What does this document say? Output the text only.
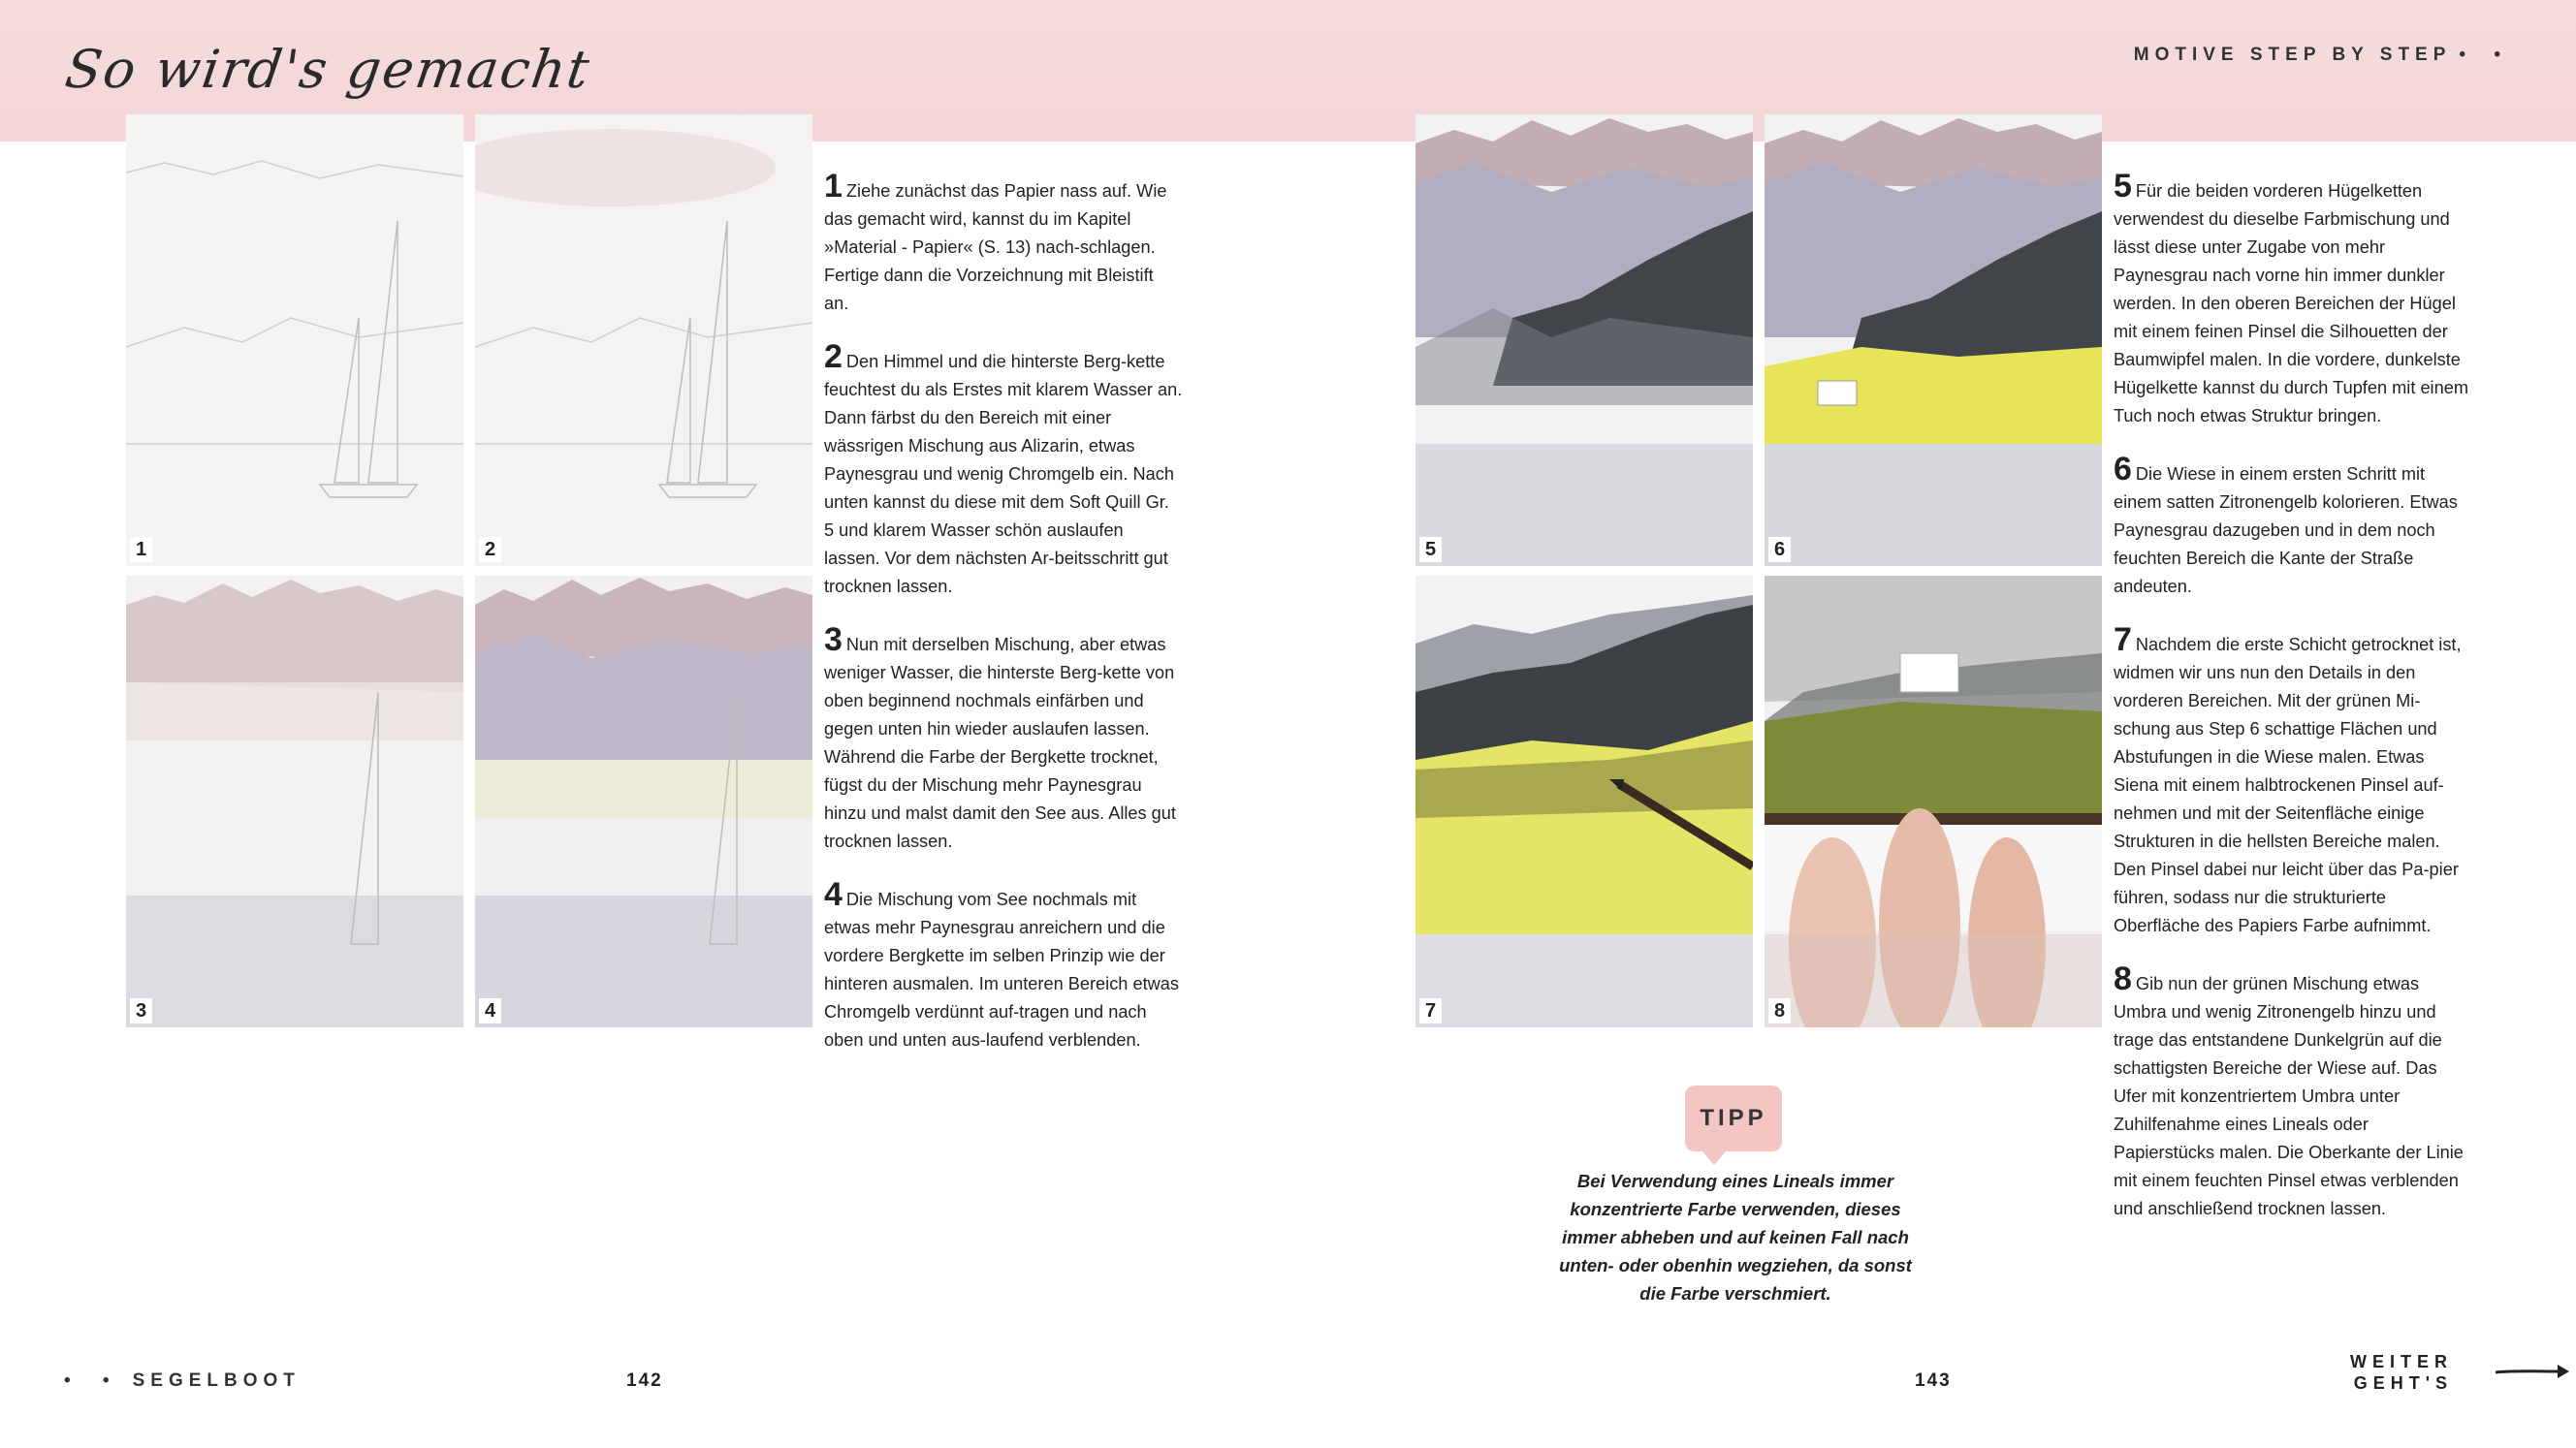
So wird's gemacht	MOTIVE STEP BY STEP • •
1	2
3	4

1 Ziehe zunächst das Papier nass auf. Wie das gemacht wird, kannst du im Kapitel »Material - Papier« (S. 13) nach-schlagen. Fertige dann die Vorzeichnung mit Bleistift an.

2 Den Himmel und die hinterste Berg-kette feuchtest du als Erstes mit klarem Wasser an. Dann färbst du den Bereich mit einer wässrigen Mischung aus Alizarin, etwas Paynesgrau und wenig Chromgelb ein. Nach unten kannst du diese mit dem Soft Quill Gr. 5 und klarem Wasser schön auslaufen lassen. Vor dem nächsten Ar-beitsschritt gut trocknen lassen.

3 Nun mit derselben Mischung, aber etwas weniger Wasser, die hinterste Berg-kette von oben beginnend nochmals einfärben und gegen unten hin wieder auslaufen lassen. Während die Farbe der Bergkette trocknet, fügst du der Mischung mehr Paynesgrau hinzu und malst damit den See aus. Alles gut trocknen lassen.

4 Die Mischung vom See nochmals mit etwas mehr Paynesgrau anreichern und die vordere Bergkette im selben Prinzip wie der hinteren ausmalen. Im unteren Bereich etwas Chromgelb verdünnt auf-tragen und nach oben und unten aus-laufend verblenden.

5	6
7	8

5 Für die beiden vorderen Hügelketten verwendest du dieselbe Farbmischung und lässt diese unter Zugabe von mehr Paynesgrau nach vorne hin immer dunkler werden. In den oberen Bereichen der Hügel mit einem feinen Pinsel die Silhouetten der Baumwipfel malen. In die vordere, dunkelste Hügelkette kannst du durch Tupfen mit einem Tuch noch etwas Struktur bringen.

6 Die Wiese in einem ersten Schritt mit einem satten Zitronengelb kolorieren. Etwas Paynesgrau dazugeben und in dem noch feuchten Bereich die Kante der Straße andeuten.

7 Nachdem die erste Schicht getrocknet ist, widmen wir uns nun den Details in den vorderen Bereichen. Mit der grünen Mi-schung aus Step 6 schattige Flächen und Abstufungen in die Wiese malen. Etwas Siena mit einem halbtrockenen Pinsel auf-nehmen und mit der Seitenfläche einige Strukturen in die hellsten Bereiche malen. Den Pinsel dabei nur leicht über das Pa-pier führen, sodass nur die strukturierte Oberfläche des Papiers Farbe aufnimmt.

8 Gib nun der grünen Mischung etwas Umbra und wenig Zitronengelb hinzu und trage das entstandene Dunkelgrün auf die schattigsten Bereiche der Wiese auf. Das Ufer mit konzentriertem Umbra unter Zuhilfenahme eines Lineals oder Papierstücks malen. Die Oberkante der Linie mit einem feuchten Pinsel etwas verblenden und anschließend trocknen lassen.

TIPP
Bei Verwendung eines Lineals immer konzentrierte Farbe verwenden, dieses immer abheben und auf keinen Fall nach unten- oder obenhin wegziehen, da sonst die Farbe verschmiert.
• • SEGELBOOT	142	143
WEITER
GEHT'S
